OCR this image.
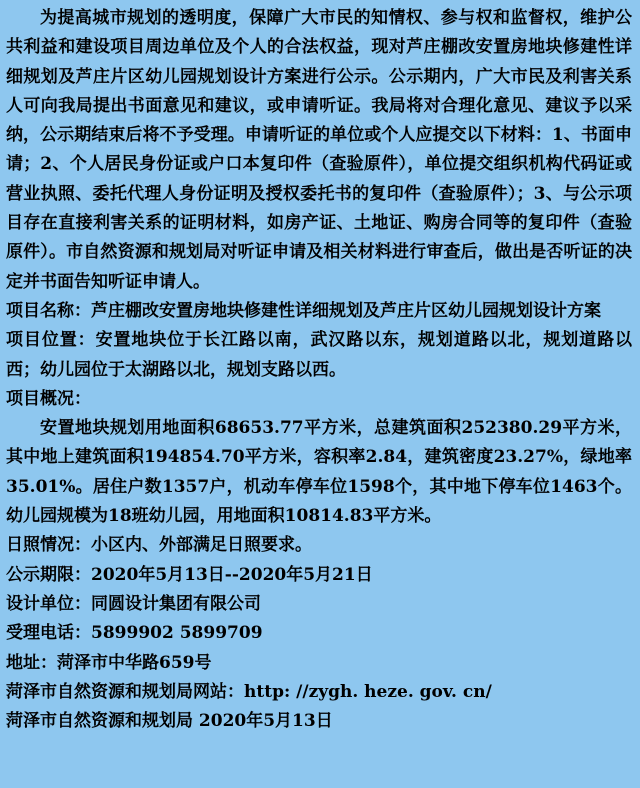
为提高城市规划的透明度，保障广大市民的知情权、参与权和监督权，维护公共利益和建设项目周边单位及个人的合法权益，现对芦庄棚改安置房地块修建性详细规划及芦庄片区幼儿园规划设计方案进行公示。公示期内，广大市民及利害关系人可向我局提出书面意见和建议，或申请听证。我局将对合理化意见、建议予以采纳，公示期结束后将不予受理。申请听证的单位或个人应提交以下材料：1、书面申请；2、个人居民身份证或户口本复印件（查验原件），单位提交组织机构代码证或营业执照、委托代理人身份证明及授权委托书的复印件（查验原件）；3、与公示项目存在直接利害关系的证明材料，如房产证、土地证、购房合同等的复印件（查验原件）。市自然资源和规划局对听证申请及相关材料进行审查后，做出是否听证的决定并书面告知听证申请人。

项目名称：芦庄棚改安置房地块修建性详细规划及芦庄片区幼儿园规划设计方案

项目位置：安置地块位于长江路以南，武汉路以东，规划道路以北，规划道路以西；幼儿园位于太湖路以北，规划支路以西。

项目概况：

安置地块规划用地面积68653.77平方米，总建筑面积252380.29平方米，其中地上建筑面积194854.70平方米，容积率2.84，建筑密度23.27%，绿地率35.01%。居住户数1357户，机动车停车位1598个，其中地下停车位1463个。幼儿园规模为18班幼儿园，用地面积10814.83平方米。

日照情况：小区内、外部满足日照要求。

公示期限：2020年5月13日--2020年5月21日

设计单位：同圆设计集团有限公司

受理电话：5899902 5899709

地址：菏泽市中华路659号

菏泽市自然资源和规划局网站：http: //zygh. heze. gov. cn/

菏泽市自然资源和规划局 2020年5月13日
